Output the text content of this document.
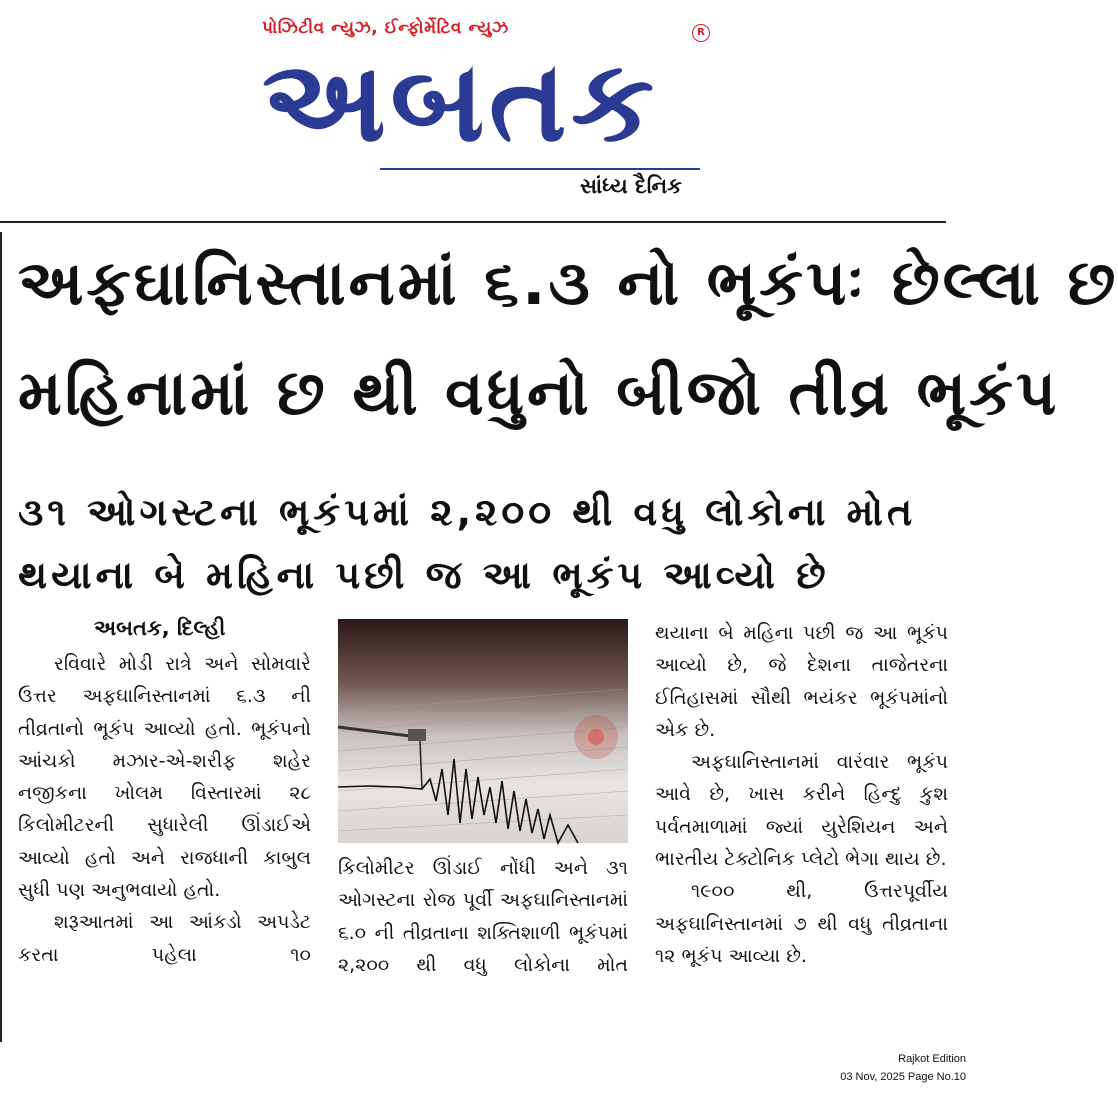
પોઝિટીવ ન્યુઝ, ઈન્ફોર્મેટિવ ન્યુઝ	R
અબતક
સાંધ્ય દૈનિક
અફઘાનિસ્તાનમાં ૬.૩ નો ભૂકંપઃ છેલ્લા છ
મહિનામાં છ થી વધુનો બીજો તીવ્ર ભૂકંપ
૩૧ ઓગસ્ટના ભૂકંપમાં ૨,૨૦૦ થી વધુ લોકોના મોત
થયાના બે મહિના પછી જ આ ભૂકંપ આવ્યો છે
અબતક, દિલ્હી

રવિવારે મોડી રાત્રે અને સોમવારે ઉત્તર અફઘાનિસ્તાનમાં ૬.૩ ની તીવ્રતાનો ભૂકંપ આવ્યો હતો. ભૂકંપનો આંચકો મઝાર-એ-શરીફ શહેર નજીકના ખોલમ વિસ્તારમાં ૨૮ કિલોમીટરની સુધારેલી ઊંડાઈએ આવ્યો હતો અને રાજધાની કાબુલ સુધી પણ અનુભવાયો હતો.

શરૂઆતમાં આ આંકડો અપડેટ કરતા પહેલા ૧૦

કિલોમીટર ઊંડાઈ નોંધી અને ૩૧ ઓગસ્ટના રોજ પૂર્વી અફઘાનિસ્તાનમાં ૬.૦ ની તીવ્રતાના શક્તિશાળી ભૂકંપમાં ૨,૨૦૦ થી વધુ લોકોના મોત

થયાના બે મહિના પછી જ આ ભૂકંપ આવ્યો છે, જે દેશના તાજેતરના ઈતિહાસમાં સૌથી ભયંકર ભૂકંપમાંનો એક છે.

અફઘાનિસ્તાનમાં વારંવાર ભૂકંપ આવે છે, ખાસ કરીને હિન્દુ કુશ પર્વતમાળામાં જ્યાં યુરેશિયન અને ભારતીય ટેક્ટોનિક પ્લેટો ભેગા થાય છે.

૧૯૦૦ થી, ઉત્તરપૂર્વીય અફઘાનિસ્તાનમાં ૭ થી વધુ તીવ્રતાના ૧૨ ભૂકંપ આવ્યા છે.

Rajkot Edition
03 Nov, 2025 Page No.10
